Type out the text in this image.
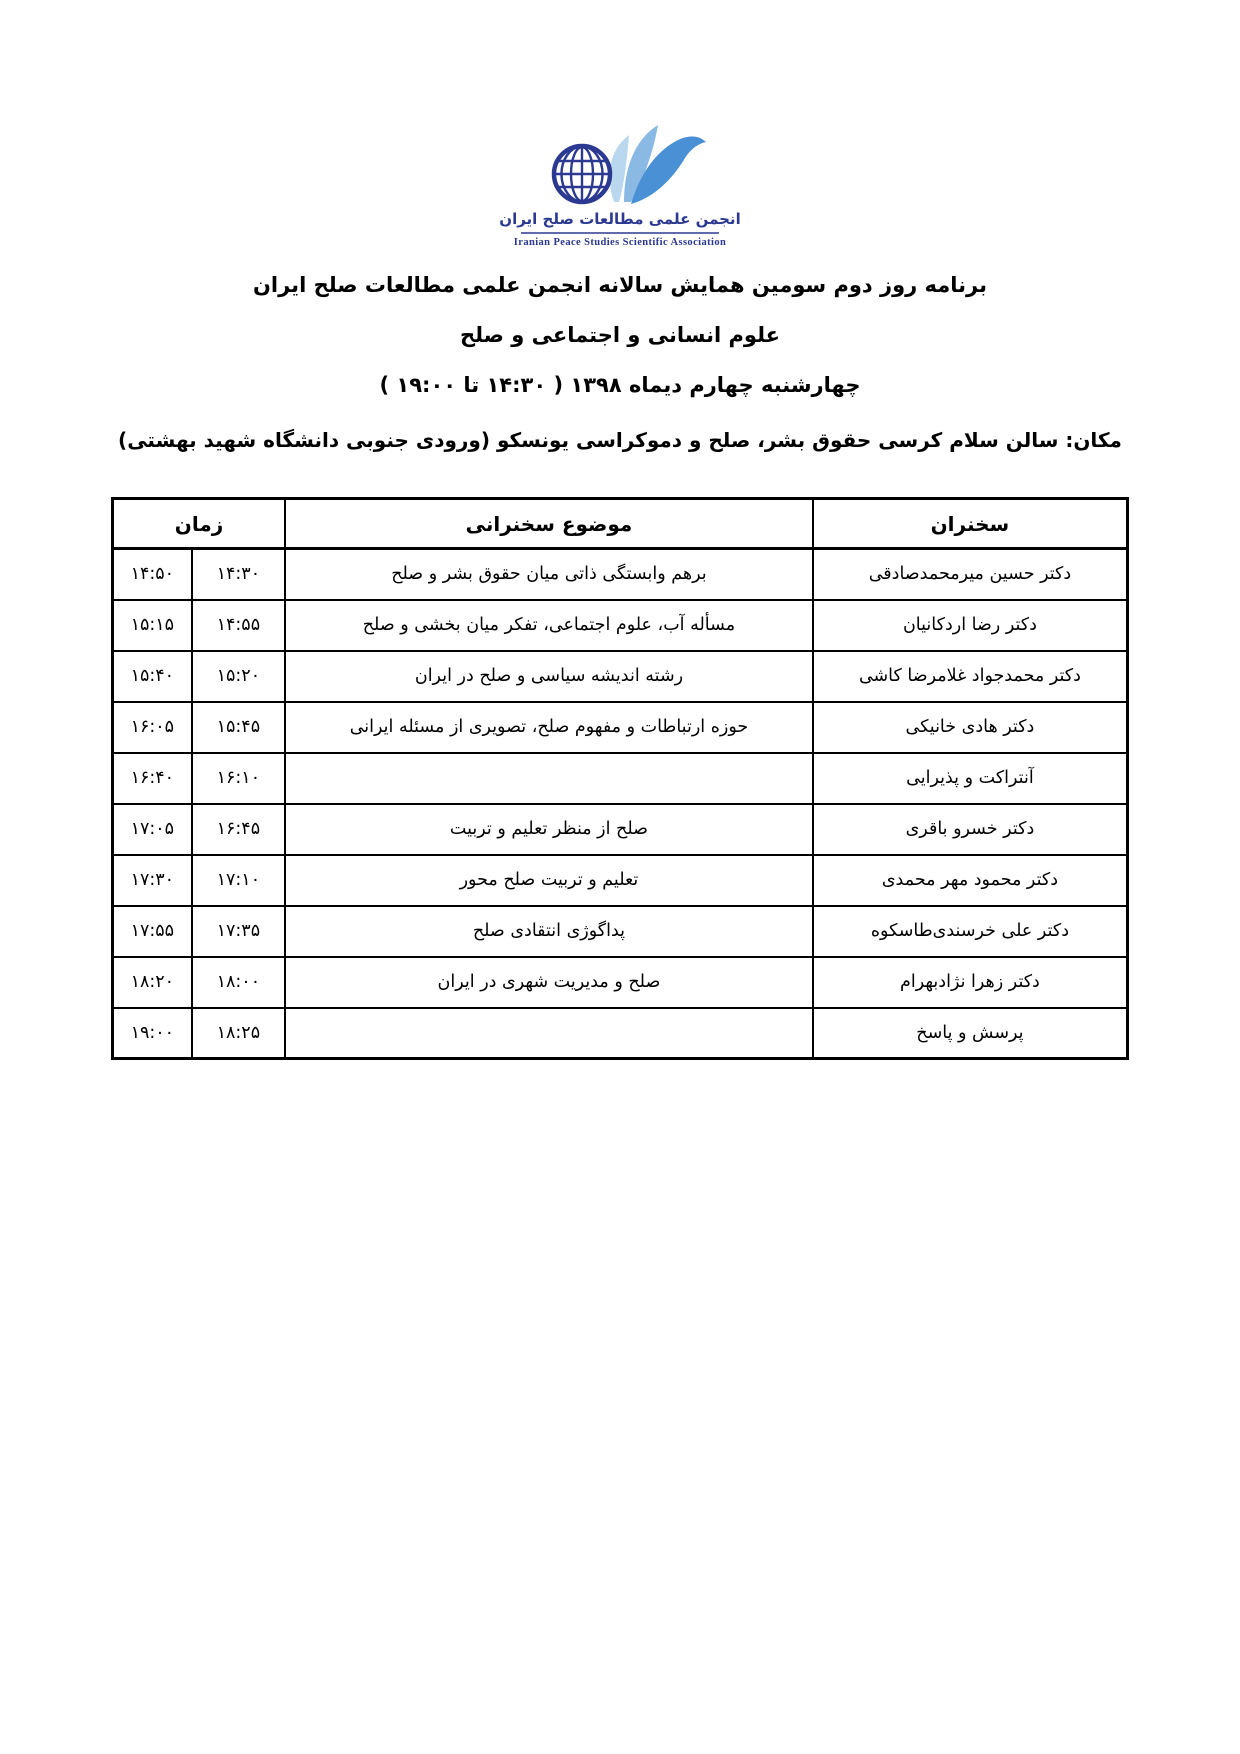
انجمن علمی مطالعات صلح ایران
Iranian Peace Studies Scientific Association
برنامه روز دوم سومین همایش سالانه انجمن علمی مطالعات صلح ایران
علوم انسانی و اجتماعی و صلح
چهارشنبه چهارم دیماه ۱۳۹۸ ( ۱۴:۳۰ تا ۱۹:۰۰ )
مکان: سالن سلام کرسی حقوق بشر، صلح و دموکراسی یونسکو (ورودی جنوبی دانشگاه شهید بهشتی)
سخنران	موضوع سخنرانی	زمان	
دکتر حسین میرمحمدصادقی	برهم وابستگی ذاتی میان حقوق بشر و صلح	۱۴:۳۰	۱۴:۵۰
دکتر رضا اردکانیان	مسأله آب، علوم اجتماعی، تفکر میان بخشی و صلح	۱۴:۵۵	۱۵:۱۵
دکتر محمدجواد غلامرضا کاشی	رشته اندیشه سیاسی و صلح در ایران	۱۵:۲۰	۱۵:۴۰
دکتر هادی خانیکی	حوزه ارتباطات و مفهوم صلح، تصویری از مسئله ایرانی	۱۵:۴۵	۱۶:۰۵
آنتراکت و پذیرایی		۱۶:۱۰	۱۶:۴۰
دکتر خسرو باقری	صلح از منظر تعلیم و تربیت	۱۶:۴۵	۱۷:۰۵
دکتر محمود مهر محمدی	تعلیم و تربیت صلح محور	۱۷:۱۰	۱۷:۳۰
دکتر علی خرسندی‌طاسکوه	پداگوژی انتقادی صلح	۱۷:۳۵	۱۷:۵۵
دکتر زهرا نژادبهرام	صلح و مدیریت شهری در ایران	۱۸:۰۰	۱۸:۲۰
پرسش و پاسخ		۱۸:۲۵	۱۹:۰۰
